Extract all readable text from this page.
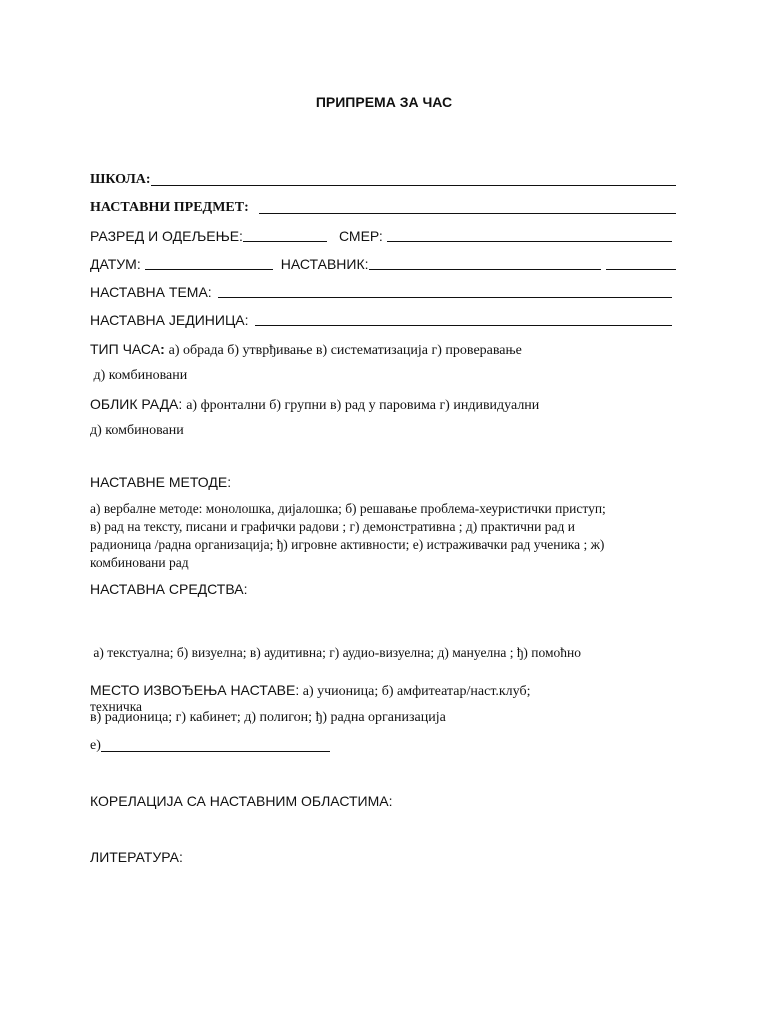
ПРИПРЕМА ЗА ЧАС
ШКОЛА:
НАСТАВНИ ПРЕДМЕТ:
РАЗРЕД И ОДЕЉЕЊЕ:	СМЕР:
ДАТУМ:	НАСТАВНИК:
НАСТАВНА ТЕМА:
НАСТАВНА ЈЕДИНИЦА:
ТИП ЧАСА: а) обрада б) утврђивање в) систематизација г) проверавање
д) комбиновани
ОБЛИК РАДА: а) фронтални б) групни в) рад у паровима г) индивидуални
д) комбиновани
НАСТАВНЕ МЕТОДЕ:
а) вербалне методе: монолошка, дијалошка; б) решавање проблема-хеуристички приступ;
в) рад на тексту, писани и графички радови ; г) демонстративна ; д) практични рад и
радионица /радна организација; ђ) игровне активности; е) истраживачки рад ученика ; ж)
комбиновани рад
НАСТАВНА СРЕДСТВА:

а) текстуална; б) визуелна; в) аудитивна; г) аудио-визуелна; д) мануелна ; ђ) помоћно

техничка

МЕСТО ИЗВОЂЕЊА НАСТАВЕ: а) учионица; б) амфитеатар/наст.клуб;
в) радионица; г) кабинет; д) полигон; ђ) радна организација
е)
КОРЕЛАЦИЈА СА НАСТАВНИМ ОБЛАСТИМА:
ЛИТЕРАТУРА:
